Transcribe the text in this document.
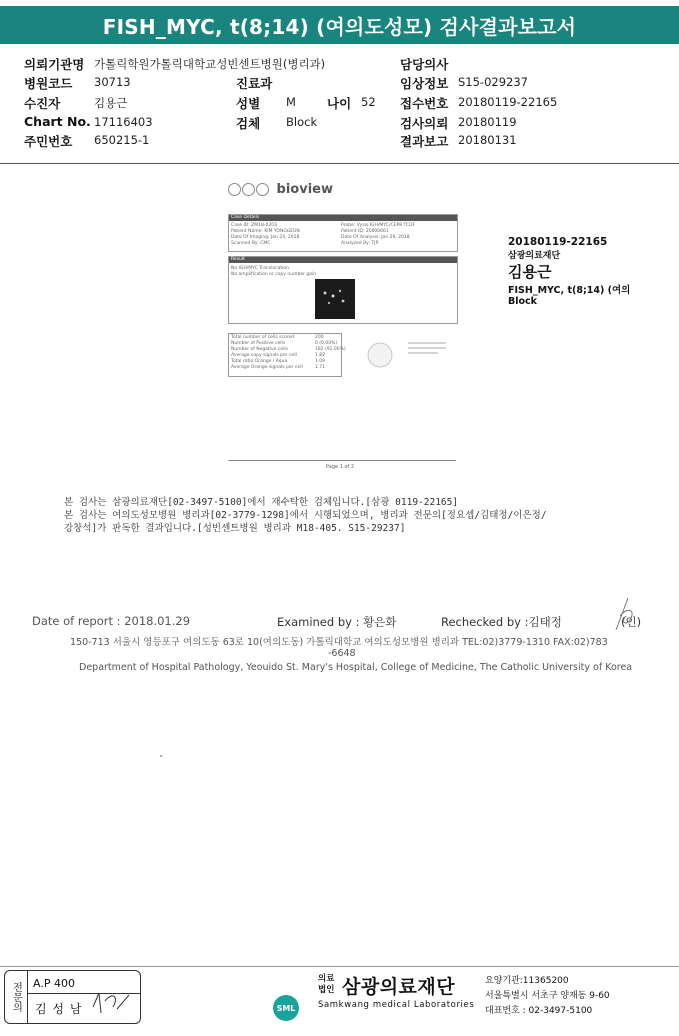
FISH_MYC, t(8;14) (여의도성모) 검사결과보고서
의뢰기관명 가톨릭학원가톨릭대학교성빈센트병원(병리과)
병원코드 30713
수진자	김용근
Chart No. 17116403
주민번호 650215-1
진료과
성별 M 나이 52
검체 Block
담당의사
임상정보 S15-029237
접수번호 20180119-22165
검사의뢰 20180119
결과보고 20180131
bioview
Case Details
Case ID: ZM18-0203
Patient Name: KIM YONGGEUN
Date Of Imaging: Jan 24, 2018
Scanned By: CMC
Probe: Vysis IGH/MYC/CEP8 TCDF
Patient ID: 20000661
Date Of Analysis: Jan 29, 2018
Analyzed By: TJR
Result
No IGH/MYC Translocation
No amplification or copy number gain
Total number of cells scored	200
Number of Positive cells	0 (0.00%)
Number of Negative cells	182 (91.00%)
Average copy signals per cell	1.82
Total ratio Orange / Aqua	1.09
Average Orange signals per cell	1.71
Page 1 of 2
20180119-22165
삼광의료재단
김용근
FISH_MYC, t(8;14) (여의
Block
본 검사는 삼광의료재단[02-3497-5100]에서 재수탁한 검체입니다.[삼광 0119-22165]
본 검사는 여의도성모병원 병리과[02-3779-1298]에서 시행되었으며, 병리과 전문의[정요셉/김태정/이은정/
강창석]가 판독한 결과입니다.[성빈센트병원 병리과 M18-405. S15-29237]
Date of report : 2018.01.29	Examined by : 황은화	Rechecked by :김태정	(인)
150-713 서울시 영등포구 여의도동 63로 10(여의도동) 가톨릭대학교 여의도성모병원 병리과 TEL:02)3779-1310 FAX:02)783
-6648
Department of Hospital Pathology, Yeouido St. Mary's Hospital, College of Medicine, The Catholic University of Korea
전문의	A.P 400
김 성 남	SML
의료
법인 삼광의료재단
Samkwang medical Laboratories
요양기관:11365200
서울특별시 서초구 양재동 9-60
대표번호 : 02-3497-5100
